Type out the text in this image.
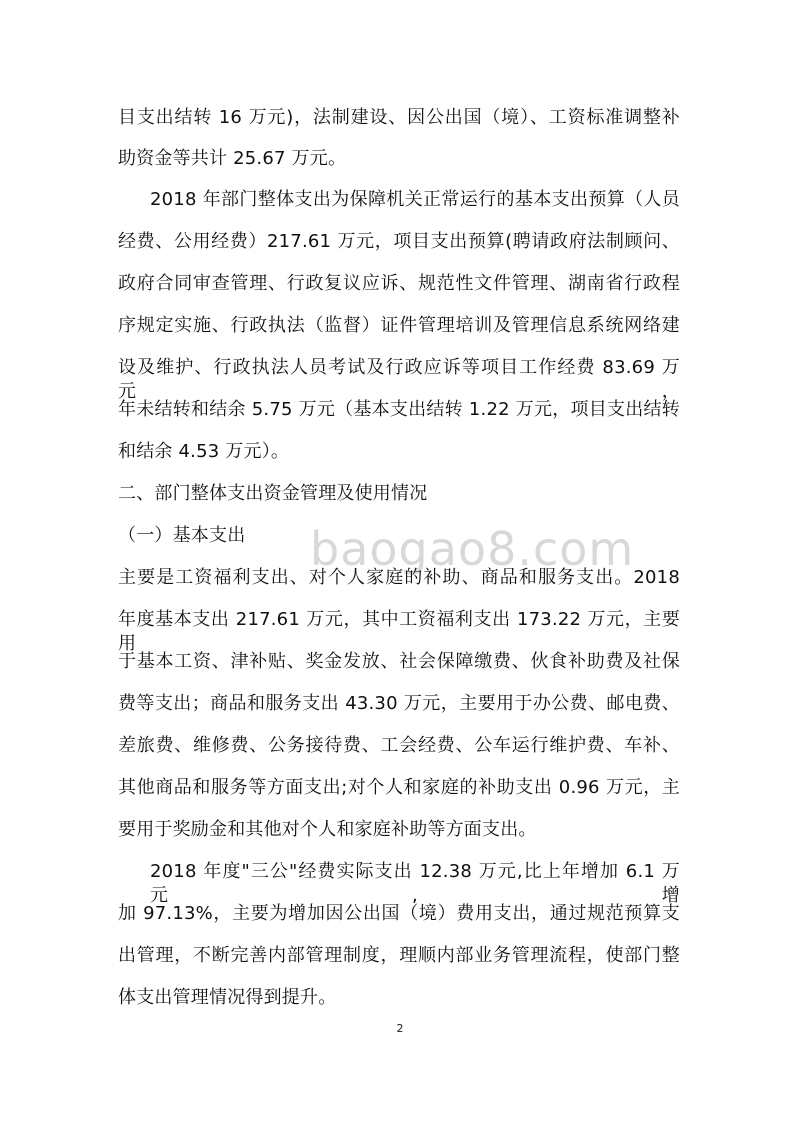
baogao8.com
目支出结转 16 万元)，法制建设、因公出国（境）、工资标准调整补
助资金等共计 25.67 万元。
2018 年部门整体支出为保障机关正常运行的基本支出预算（人员
经费、公用经费）217.61 万元，项目支出预算(聘请政府法制顾问、
政府合同审查管理、行政复议应诉、规范性文件管理、湖南省行政程
序规定实施、行政执法（监督）证件管理培训及管理信息系统网络建
设及维护、行政执法人员考试及行政应诉等项目工作经费 83.69 万元，
年未结转和结余 5.75 万元（基本支出结转 1.22 万元，项目支出结转
和结余 4.53 万元）。
二、部门整体支出资金管理及使用情况
（一）基本支出
主要是工资福利支出、对个人家庭的补助、商品和服务支出。2018
年度基本支出 217.61 万元，其中工资福利支出 173.22 万元，主要用
于基本工资、津补贴、奖金发放、社会保障缴费、伙食补助费及社保
费等支出；商品和服务支出 43.30 万元，主要用于办公费、邮电费、
差旅费、维修费、公务接待费、工会经费、公车运行维护费、车补、
其他商品和服务等方面支出;对个人和家庭的补助支出 0.96 万元，主
要用于奖励金和其他对个人和家庭补助等方面支出。
2018 年度"三公"经费实际支出 12.38 万元,比上年增加 6.1 万元,增
加 97.13%，主要为增加因公出国（境）费用支出，通过规范预算支
出管理，不断完善内部管理制度，理顺内部业务管理流程，使部门整
体支出管理情况得到提升。
2
